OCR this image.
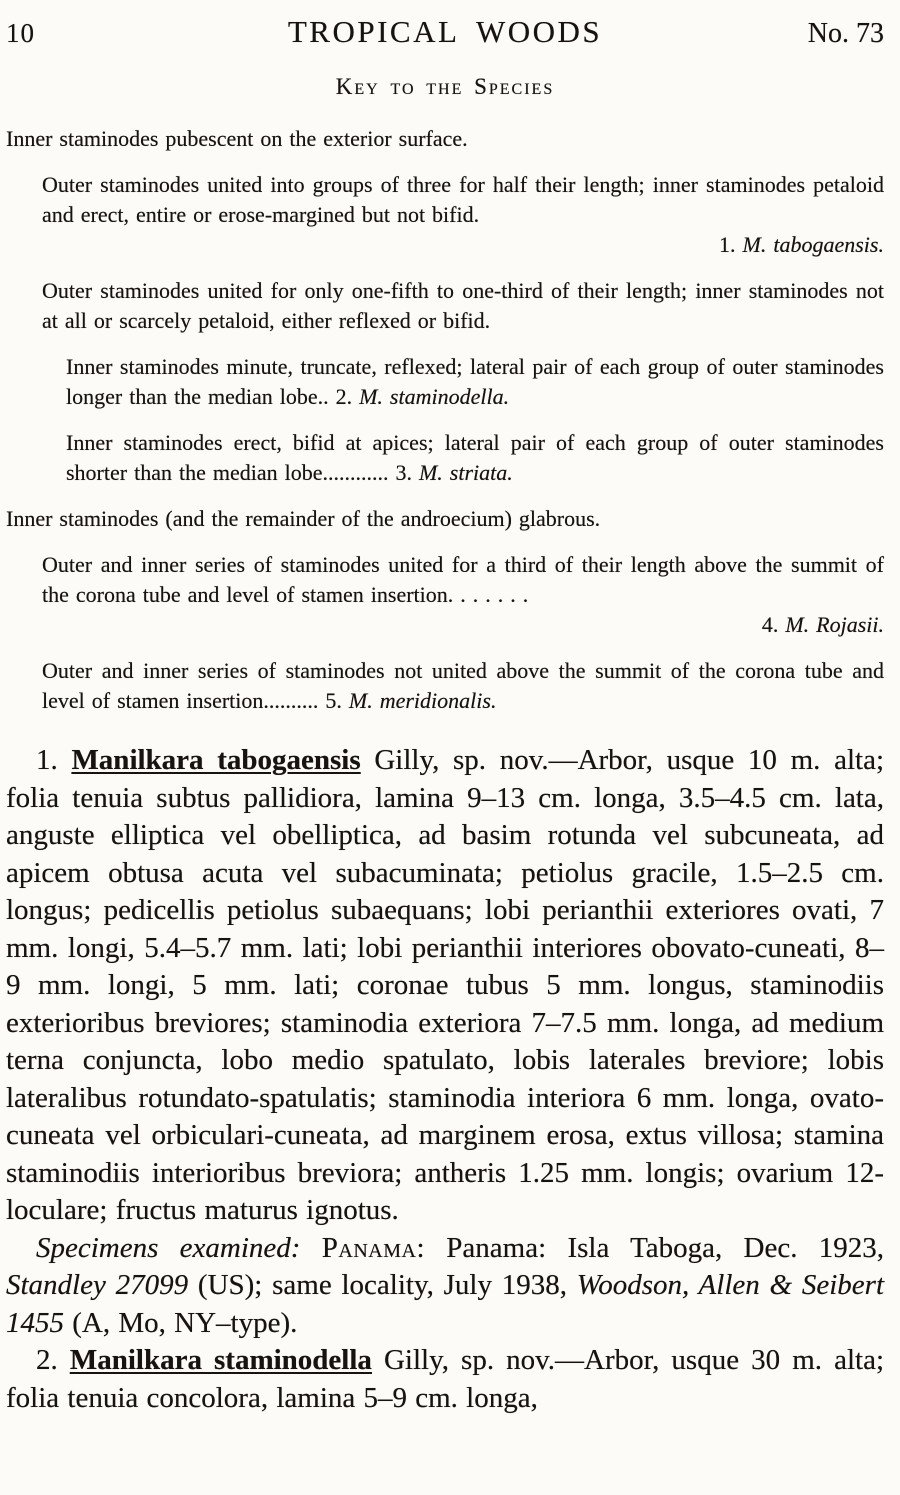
10	TROPICAL WOODS	No. 73
Key to the Species
Inner staminodes pubescent on the exterior surface.
Outer staminodes united into groups of three for half their length; inner staminodes petaloid and erect, entire or erose-margined but not bifid.
1. M. tabogaensis.
Outer staminodes united for only one-fifth to one-third of their length; inner staminodes not at all or scarcely petaloid, either reflexed or bifid.
Inner staminodes minute, truncate, reflexed; lateral pair of each group of outer staminodes longer than the median lobe.. 2. M. staminodella.
Inner staminodes erect, bifid at apices; lateral pair of each group of outer staminodes shorter than the median lobe............ 3. M. striata.
Inner staminodes (and the remainder of the androecium) glabrous.
Outer and inner series of staminodes united for a third of their length above the summit of the corona tube and level of stamen insertion. . . . . . .
4. M. Rojasii.
Outer and inner series of staminodes not united above the summit of the corona tube and level of stamen insertion.......... 5. M. meridionalis.

1. Manilkara tabogaensis Gilly, sp. nov.—Arbor, usque 10 m. alta; folia tenuia subtus pallidiora, lamina 9–13 cm. longa, 3.5–4.5 cm. lata, anguste elliptica vel obelliptica, ad basim rotunda vel subcuneata, ad apicem obtusa acuta vel subacuminata; petiolus gracile, 1.5–2.5 cm. longus; pedicellis petiolus subaequans; lobi perianthii exteriores ovati, 7 mm. longi, 5.4–5.7 mm. lati; lobi perianthii interiores obovato-cuneati, 8–9 mm. longi, 5 mm. lati; coronae tubus 5 mm. longus, staminodiis exterioribus breviores; staminodia exteriora 7–7.5 mm. longa, ad medium terna conjuncta, lobo medio spatulato, lobis laterales breviore; lobis lateralibus rotundato-spatulatis; staminodia interiora 6 mm. longa, ovato-cuneata vel orbiculari-cuneata, ad marginem erosa, extus villosa; stamina staminodiis interioribus breviora; antheris 1.25 mm. longis; ovarium 12-loculare; fructus maturus ignotus.

Specimens examined: Panama: Panama: Isla Taboga, Dec. 1923, Standley 27099 (US); same locality, July 1938, Woodson, Allen & Seibert 1455 (A, Mo, NY–type).

2. Manilkara staminodella Gilly, sp. nov.—Arbor, usque 30 m. alta; folia tenuia concolora, lamina 5–9 cm. longa,
